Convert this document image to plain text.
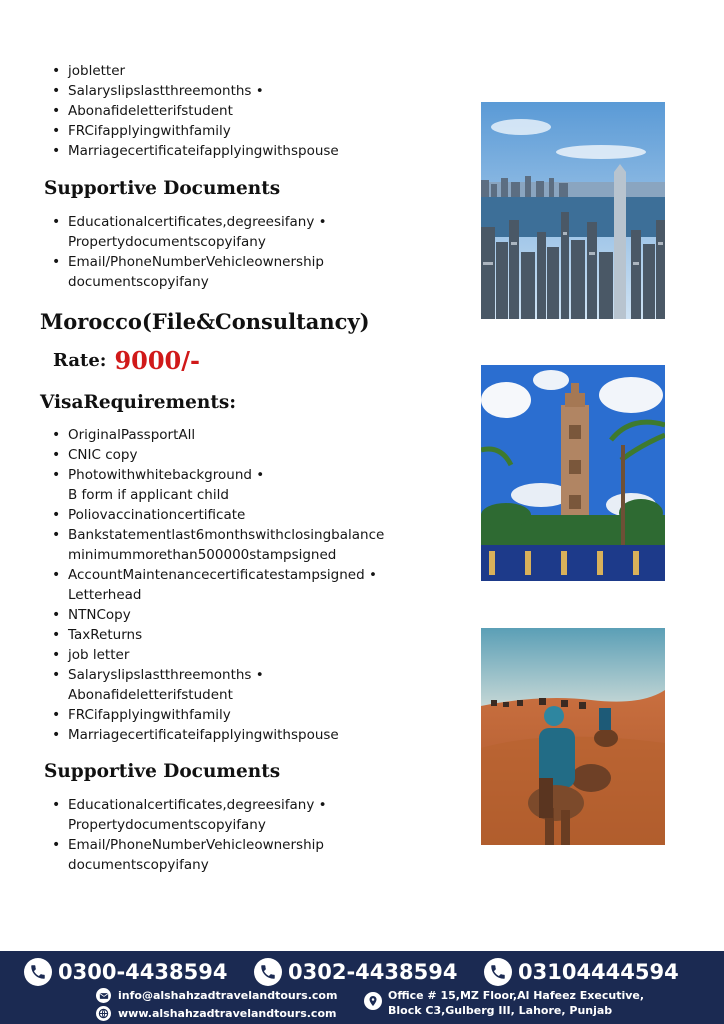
• jobletter
• Salaryslipslastthreemonths •
• Abonafideletterifstudent
• FRCifapplyingwithfamily
• Marriagecertificateifapplyingwithspouse
Supportive Documents
• Educationalcertificates,degreesifany •
Propertydocumentscopyifany
• Email/PhoneNumberVehicleownership
documentscopyifany
Morocco(File&Consultancy)
Rate: 9000/-
VisaRequirements:
• OriginalPassportAll
• CNIC copy
• Photowithwhitebackground •
B form if applicant child
• Poliovaccinationcertificate
• Bankstatementlast6monthswithclosingbalance
minimummorethan500000stampsigned
• AccountMaintenancecertificatestampsigned •
Letterhead
• NTNCopy
• TaxReturns
• job letter
• Salaryslipslastthreemonths •
Abonafideletterifstudent
• FRCifapplyingwithfamily
• Marriagecertificateifapplyingwithspouse
Supportive Documents
• Educationalcertificates,degreesifany •
Propertydocumentscopyifany
• Email/PhoneNumberVehicleownership
documentscopyifany
0300-4438594	0302-4438594	03104444594
info@alshahzadtravelandtours.com
www.alshahzadtravelandtours.com
Office # 15,MZ Floor,Al Hafeez Executive,
Block C3,Gulberg III, Lahore, Punjab
